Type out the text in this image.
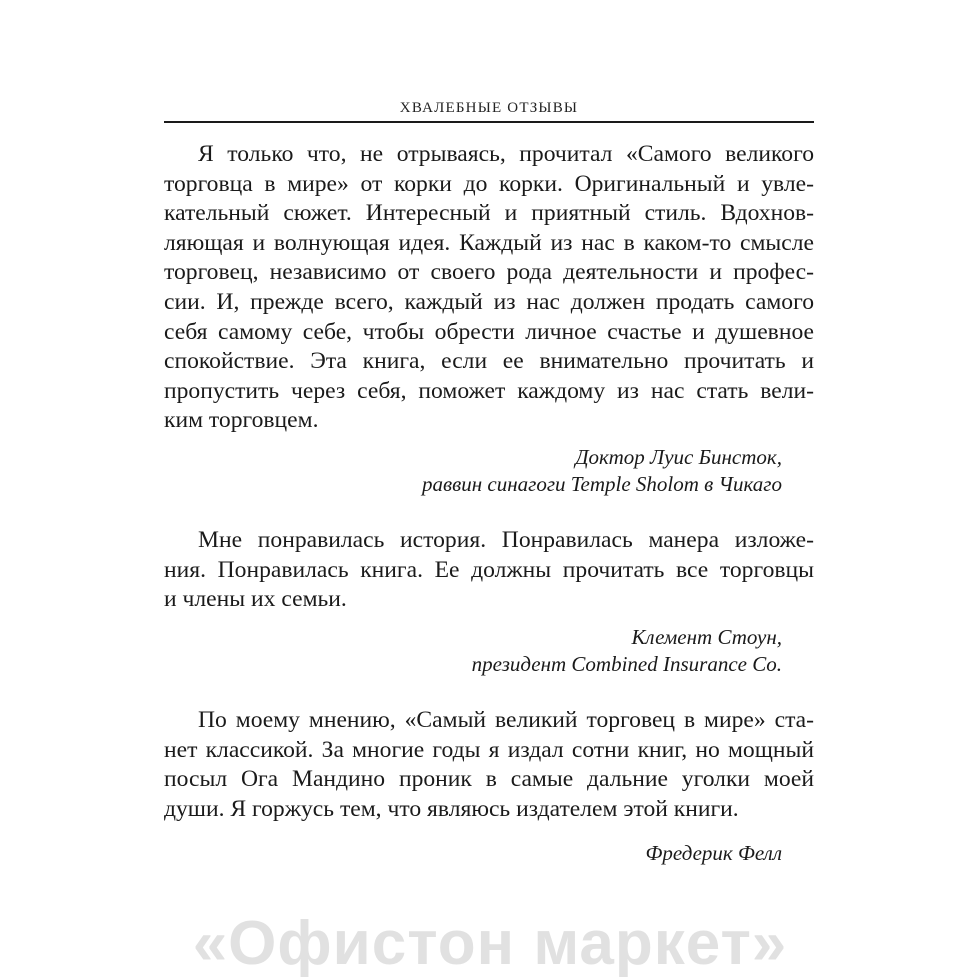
ХВАЛЕБНЫЕ ОТЗЫВЫ

Я только что, не отрываясь, прочитал «Самого великого
торговца в мире» от корки до корки. Оригинальный и увле-
кательный сюжет. Интересный и приятный стиль. Вдохнов-
ляющая и волнующая идея. Каждый из нас в каком-то смысле
торговец, независимо от своего рода деятельности и профес-
сии. И, прежде всего, каждый из нас должен продать самого
себя самому себе, чтобы обрести личное счастье и душевное
спокойствие. Эта книга, если ее внимательно прочитать и
пропустить через себя, поможет каждому из нас стать вели-
ким торговцем.

Доктор Луис Бинсток,
раввин синагоги Temple Sholom в Чикаго

Мне понравилась история. Понравилась манера изложе-
ния. Понравилась книга. Ее должны прочитать все торговцы
и члены их семьи.

Клемент Стоун,
президент Combined Insurance Co.

По моему мнению, «Самый великий торговец в мире» ста-
нет классикой. За многие годы я издал сотни книг, но мощный
посыл Ога Мандино проник в самые дальние уголки моей
души. Я горжусь тем, что являюсь издателем этой книги.

Фредерик Фелл
«Офистон маркет»
